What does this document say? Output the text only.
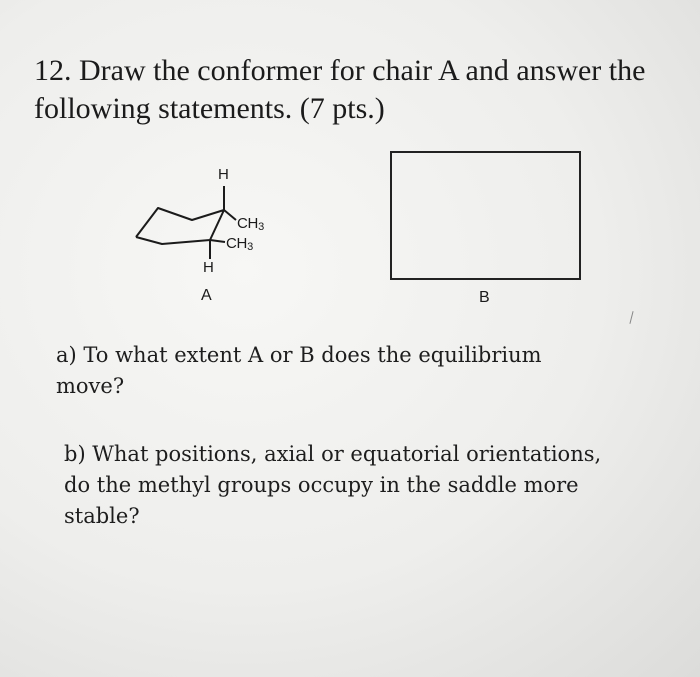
12. Draw the conformer for chair A and answer the
following statements. (7 pts.)
H
$CH_3$
$CH_3$
H
A	B
a) To what extent A or B does the equilibrium
move?
b) What positions, axial or equatorial orientations,
do the methyl groups occupy in the saddle more
stable?
